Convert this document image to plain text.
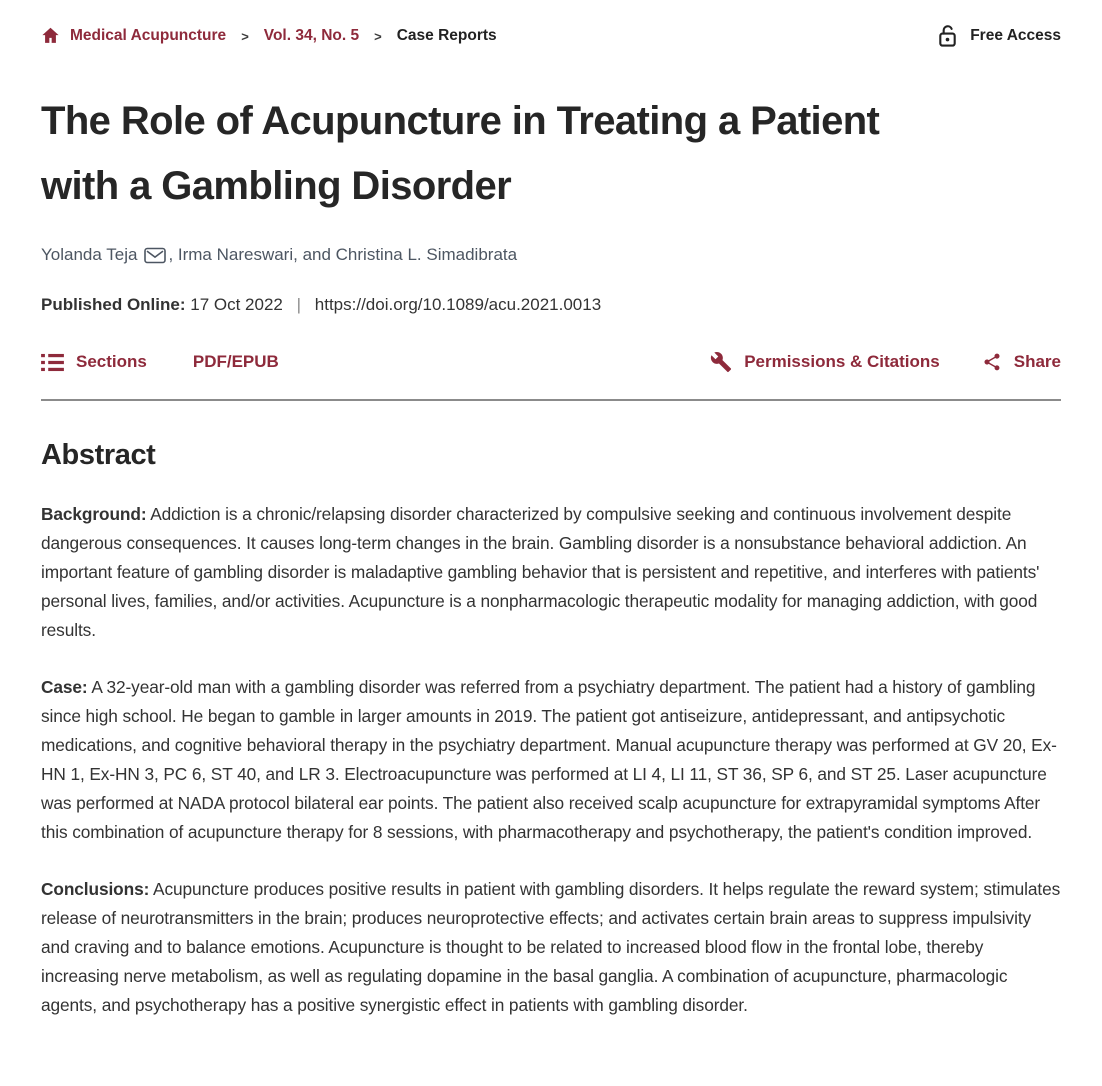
Medical Acupuncture > Vol. 34, No. 5 > Case Reports	Free Access
The Role of Acupuncture in Treating a Patient
with a Gambling Disorder
Yolanda Teja , Irma Nareswari, and Christina L. Simadibrata
Published Online: 17 Oct 2022 | https://doi.org/10.1089/acu.2021.0013
Sections	PDF/EPUB	Permissions & Citations	Share
Abstract

Background: Addiction is a chronic/relapsing disorder characterized by compulsive seeking and continuous involvement despite dangerous consequences. It causes long-term changes in the brain. Gambling disorder is a nonsubstance behavioral addiction. An important feature of gambling disorder is maladaptive gambling behavior that is persistent and repetitive, and interferes with patients' personal lives, families, and/or activities. Acupuncture is a nonpharmacologic therapeutic modality for managing addiction, with good results.

Case: A 32-year-old man with a gambling disorder was referred from a psychiatry department. The patient had a history of gambling since high school. He began to gamble in larger amounts in 2019. The patient got antiseizure, antidepressant, and antipsychotic medications, and cognitive behavioral therapy in the psychiatry department. Manual acupuncture therapy was performed at GV 20, Ex-HN 1, Ex-HN 3, PC 6, ST 40, and LR 3. Electroacupuncture was performed at LI 4, LI 11, ST 36, SP 6, and ST 25. Laser acupuncture was performed at NADA protocol bilateral ear points. The patient also received scalp acupuncture for extrapyramidal symptoms After this combination of acupuncture therapy for 8 sessions, with pharmacotherapy and psychotherapy, the patient's condition improved.

Conclusions: Acupuncture produces positive results in patient with gambling disorders. It helps regulate the reward system; stimulates release of neurotransmitters in the brain; produces neuroprotective effects; and activates certain brain areas to suppress impulsivity and craving and to balance emotions. Acupuncture is thought to be related to increased blood flow in the frontal lobe, thereby increasing nerve metabolism, as well as regulating dopamine in the basal ganglia. A combination of acupuncture, pharmacologic agents, and psychotherapy has a positive synergistic effect in patients with gambling disorder.
